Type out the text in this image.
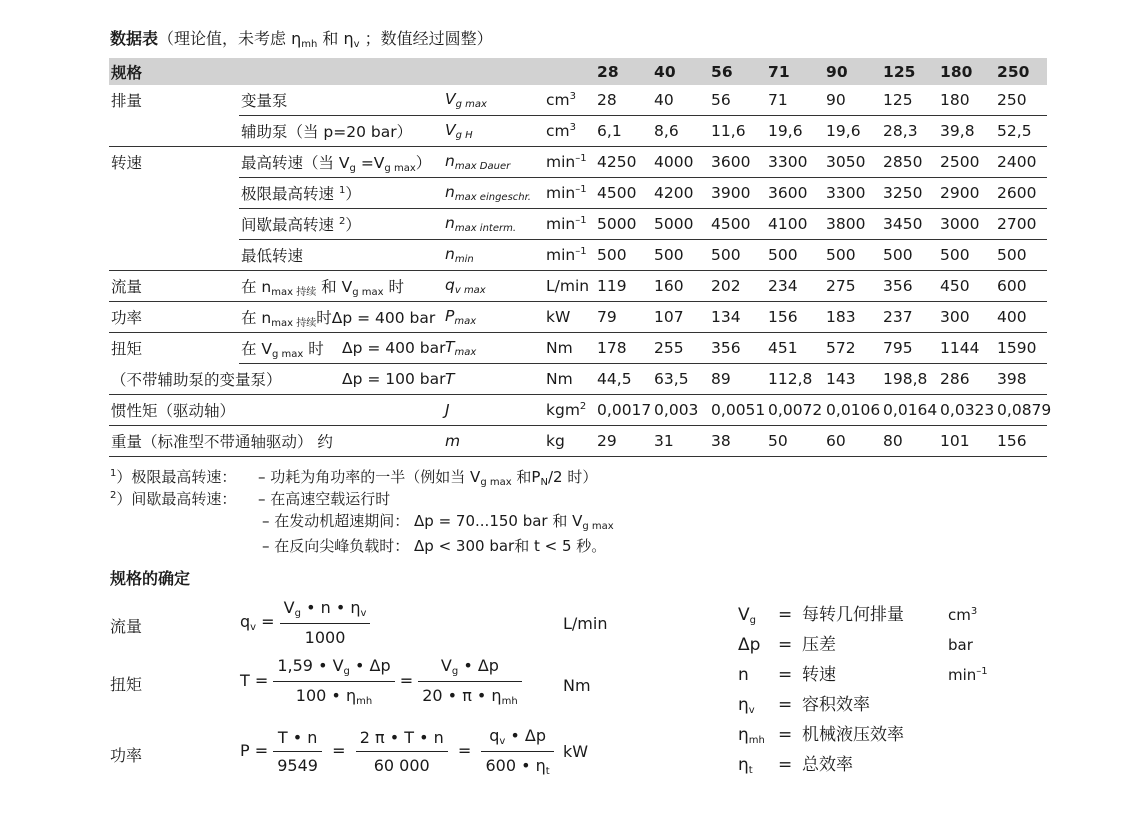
数据表（理论值，未考虑 $\eta_{mh}$ 和 $\eta_v$ ；数值经过圆整）
规格					28	40	56	71	90	125	180	250
排量	变量泵		$V_{g max}$	$cm^3$	28	40	56	71	90	125	180	250
	辅助泵（当 p=20 bar）		$V_{g H}$	$cm^3$	6,1	8,6	11,6	19,6	19,6	28,3	39,8	52,5
转速	最高转速（当 $V_g =V_{g max}$）		$n_{max Dauer}$	$\min^{-1}$	4250	4000	3600	3300	3050	2850	2500	2400
	极限最高转速 $^1$）		$n_{max eingeschr.}$	$\min^{-1}$	4500	4200	3900	3600	3300	3250	2900	2600
	间歇最高转速 $^2$）		$n_{max interm.}$	$\min^{-1}$	5000	5000	4500	4100	3800	3450	3000	2700
	最低转速		$n_{min}$	$\min^{-1}$	500	500	500	500	500	500	500	500
流量	在 $n_{max 持续}$ 和 $V_{g max}$ 时		$q_{v max}$	L/min	119	160	202	234	275	356	450	600
功率	在 $n_{max 持续}$时Δp = 400 bar		$P_{max}$	kW	79	107	134	156	183	237	300	400
扭矩	在 $V_{g max}$ 时	Δp = 400 bar	$T_{max}$	Nm	178	255	356	451	572	795	1144	1590
（不带辅助泵的变量泵）		Δp = 100 bar	T	Nm	44,5	63,5	89	112,8	143	198,8	286	398
惯性矩（驱动轴）			J	kgm$^2$	0,0017	0,003	0,0051	0,0072	0,0106	0,0164	0,0323	0,0879
重量（标准型不带通轴驱动） 约			m	kg	29	31	38	50	60	80	101	156
$^1$）极限最高转速： – 功耗为角功率的一半（例如当 $V_{g max}$ 和$P_N/2$ 时）
$^2$）间歇最高转速： – 在高速空载运行时
– 在发动机超速期间： Δp = 70...150 bar 和 $V_{g max}$
– 在反向尖峰负载时： Δp < 300 bar和 t < 5 秒。
规格的确定
流量	$q_v = \frac{V_g • n • \eta_v}{1000}$	L/min
扭矩	$T = \frac{1,59 • V_g • \Delta p}{100 • \eta_{mh}} = \frac{V_g • \Delta p}{20 • \pi • \eta_{mh}}$	Nm
功率	$P = \frac{T • n}{9549} = \frac{2 \pi • T • n}{60 000} = \frac{q_v • \Delta p}{600 • \eta_t}$ kW
$V_g$ = 每转几何排量	$cm^3$
Δp = 压差	bar
n = 转速	$\min^{-1}$
$\eta_v$ = 容积效率
$\eta_{mh}$ = 机械液压效率
$\eta_t$ = 总效率
